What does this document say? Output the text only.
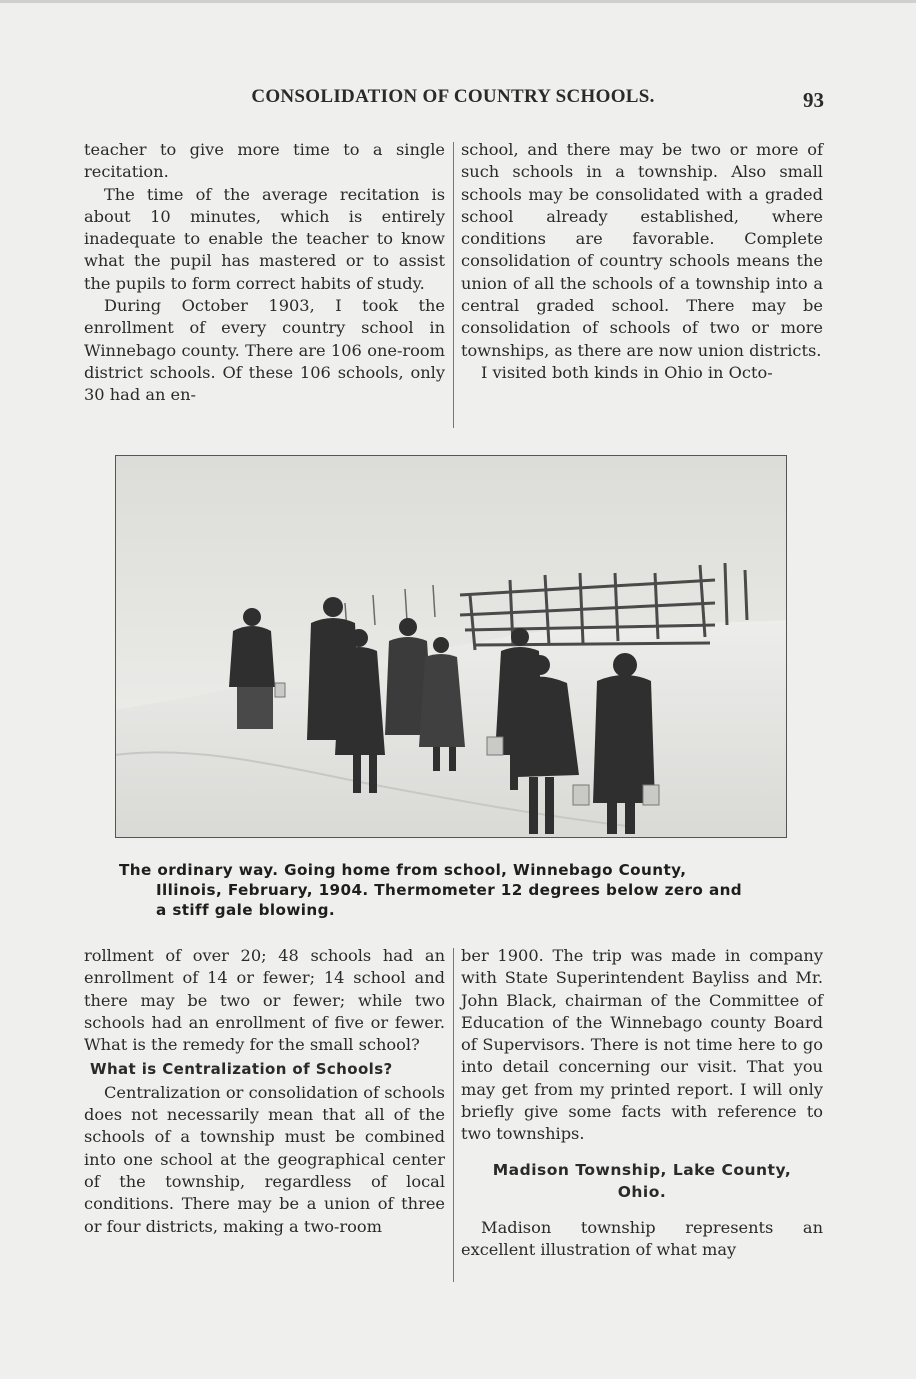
CONSOLIDATION OF COUNTRY SCHOOLS.	93

teacher to give more time to a single recitation.

The time of the average recitation is about 10 minutes, which is entirely inadequate to enable the teacher to know what the pupil has mastered or to assist the pupils to form correct habits of study.

During October 1903, I took the enrollment of every country school in Winnebago county. There are 106 one-room district schools. Of these 106 schools, only 30 had an en-

school, and there may be two or more of such schools in a township. Also small schools may be consolidated with a graded school already established, where conditions are favorable. Complete consolidation of country schools means the union of all the schools of a township into a central graded school. There may be consolidation of schools of two or more townships, as there are now union districts.

I visited both kinds in Ohio in Octo-

The ordinary way. Going home from school, Winnebago County,
Illinois, February, 1904. Thermometer 12 degrees below zero and
a stiff gale blowing.

rollment of over 20; 48 schools had an enrollment of 14 or fewer; 14 school and there may be two or fewer; while two schools had an enrollment of five or fewer. What is the remedy for the small school?

What is Centralization of Schools?

Centralization or consolidation of schools does not necessarily mean that all of the schools of a township must be combined into one school at the geographical center of the township, regardless of local conditions. There may be a union of three or four districts, making a two-room

ber 1900. The trip was made in company with State Superintendent Bayliss and Mr. John Black, chairman of the Committee of Education of the Winnebago county Board of Supervisors. There is not time here to go into detail concerning our visit. That you may get from my printed report. I will only briefly give some facts with reference to two townships.

Madison Township, Lake County,
Ohio.

Madison township represents an excellent illustration of what may
